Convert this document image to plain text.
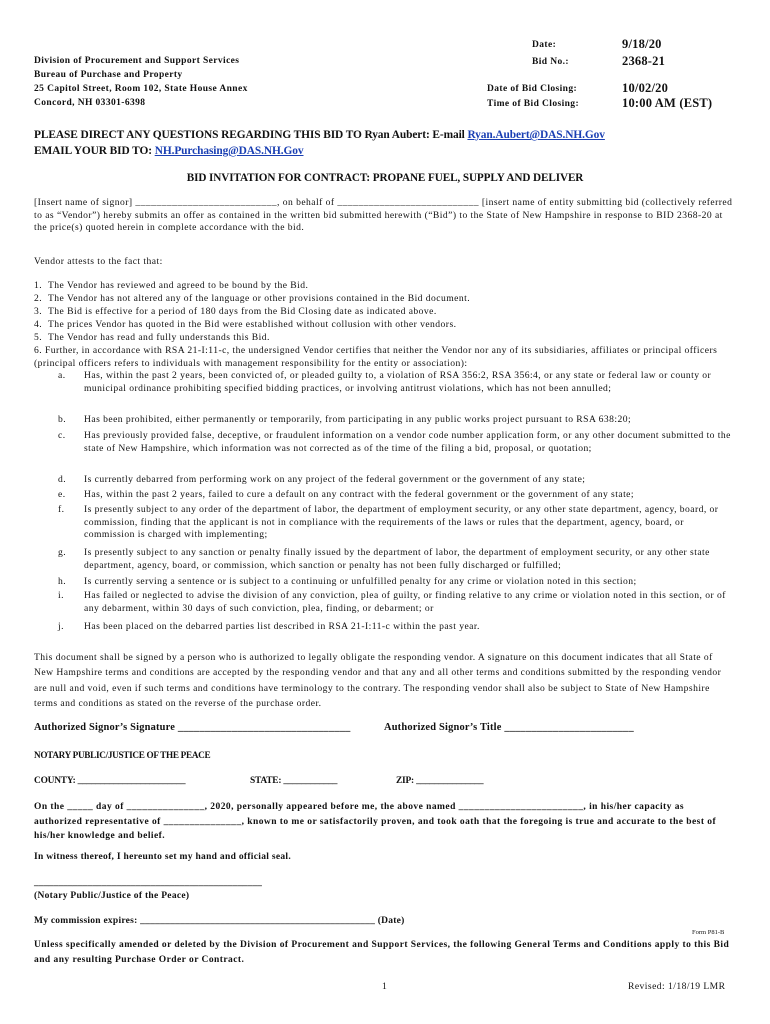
Division of Procurement and Support Services
Bureau of Purchase and Property
25 Capitol Street, Room 102, State House Annex
Concord, NH 03301-6398
Date:	9/18/20
Bid No.:	2368-21
Date of Bid Closing:	10/02/20
Time of Bid Closing:	10:00 AM (EST)
PLEASE DIRECT ANY QUESTIONS REGARDING THIS BID TO Ryan Aubert: E-mail Ryan.Aubert@DAS.NH.Gov
EMAIL YOUR BID TO: NH.Purchasing@DAS.NH.Gov
BID INVITATION FOR CONTRACT: PROPANE FUEL, SUPPLY AND DELIVER
[Insert name of signor] ___________________________, on behalf of ___________________________ [insert name of entity submitting bid (collectively referred to as “Vendor”) hereby submits an offer as contained in the written bid submitted herewith (“Bid”) to the State of New Hampshire in response to BID 2368-20 at the price(s) quoted herein in complete accordance with the bid.
Vendor attests to the fact that:
1. The Vendor has reviewed and agreed to be bound by the Bid.
2. The Vendor has not altered any of the language or other provisions contained in the Bid document.
3. The Bid is effective for a period of 180 days from the Bid Closing date as indicated above.
4. The prices Vendor has quoted in the Bid were established without collusion with other vendors.
5. The Vendor has read and fully understands this Bid.
6. Further, in accordance with RSA 21-I:11-c, the undersigned Vendor certifies that neither the Vendor nor any of its subsidiaries, affiliates or principal officers (principal officers refers to individuals with management responsibility for the entity or association):
a. Has, within the past 2 years, been convicted of, or pleaded guilty to, a violation of RSA 356:2, RSA 356:4, or any state or federal law or county or municipal ordinance prohibiting specified bidding practices, or involving antitrust violations, which has not been annulled;
b. Has been prohibited, either permanently or temporarily, from participating in any public works project pursuant to RSA 638:20;
c. Has previously provided false, deceptive, or fraudulent information on a vendor code number application form, or any other document submitted to the state of New Hampshire, which information was not corrected as of the time of the filing a bid, proposal, or quotation;
d. Is currently debarred from performing work on any project of the federal government or the government of any state;
e. Has, within the past 2 years, failed to cure a default on any contract with the federal government or the government of any state;
f. Is presently subject to any order of the department of labor, the department of employment security, or any other state department, agency, board, or commission, finding that the applicant is not in compliance with the requirements of the laws or rules that the department, agency, board, or commission is charged with implementing;
g. Is presently subject to any sanction or penalty finally issued by the department of labor, the department of employment security, or any other state department, agency, board, or commission, which sanction or penalty has not been fully discharged or fulfilled;
h. Is currently serving a sentence or is subject to a continuing or unfulfilled penalty for any crime or violation noted in this section;
i. Has failed or neglected to advise the division of any conviction, plea of guilty, or finding relative to any crime or violation noted in this section, or of any debarment, within 30 days of such conviction, plea, finding, or debarment; or
j. Has been placed on the debarred parties list described in RSA 21-I:11-c within the past year.
This document shall be signed by a person who is authorized to legally obligate the responding vendor. A signature on this document indicates that all State of New Hampshire terms and conditions are accepted by the responding vendor and that any and all other terms and conditions submitted by the responding vendor are null and void, even if such terms and conditions have terminology to the contrary. The responding vendor shall also be subject to State of New Hampshire terms and conditions as stated on the reverse of the purchase order.
Authorized Signor’s Signature ________________________________	Authorized Signor’s Title ________________________
NOTARY PUBLIC/JUSTICE OF THE PEACE
COUNTY: ________________________	STATE: ____________	ZIP: _______________
On the _____ day of _______________, 2020, personally appeared before me, the above named ________________________, in his/her capacity as authorized representative of _______________, known to me or satisfactorily proven, and took oath that the foregoing is true and accurate to the best of his/her knowledge and belief.
In witness thereof, I hereunto set my hand and official seal.
_______________________________________________
(Notary Public/Justice of the Peace)
My commission expires: _______________________________________________ (Date)
Form P81-B
Unless specifically amended or deleted by the Division of Procurement and Support Services, the following General Terms and Conditions apply to this Bid and any resulting Purchase Order or Contract.
1	Revised: 1/18/19 LMR
